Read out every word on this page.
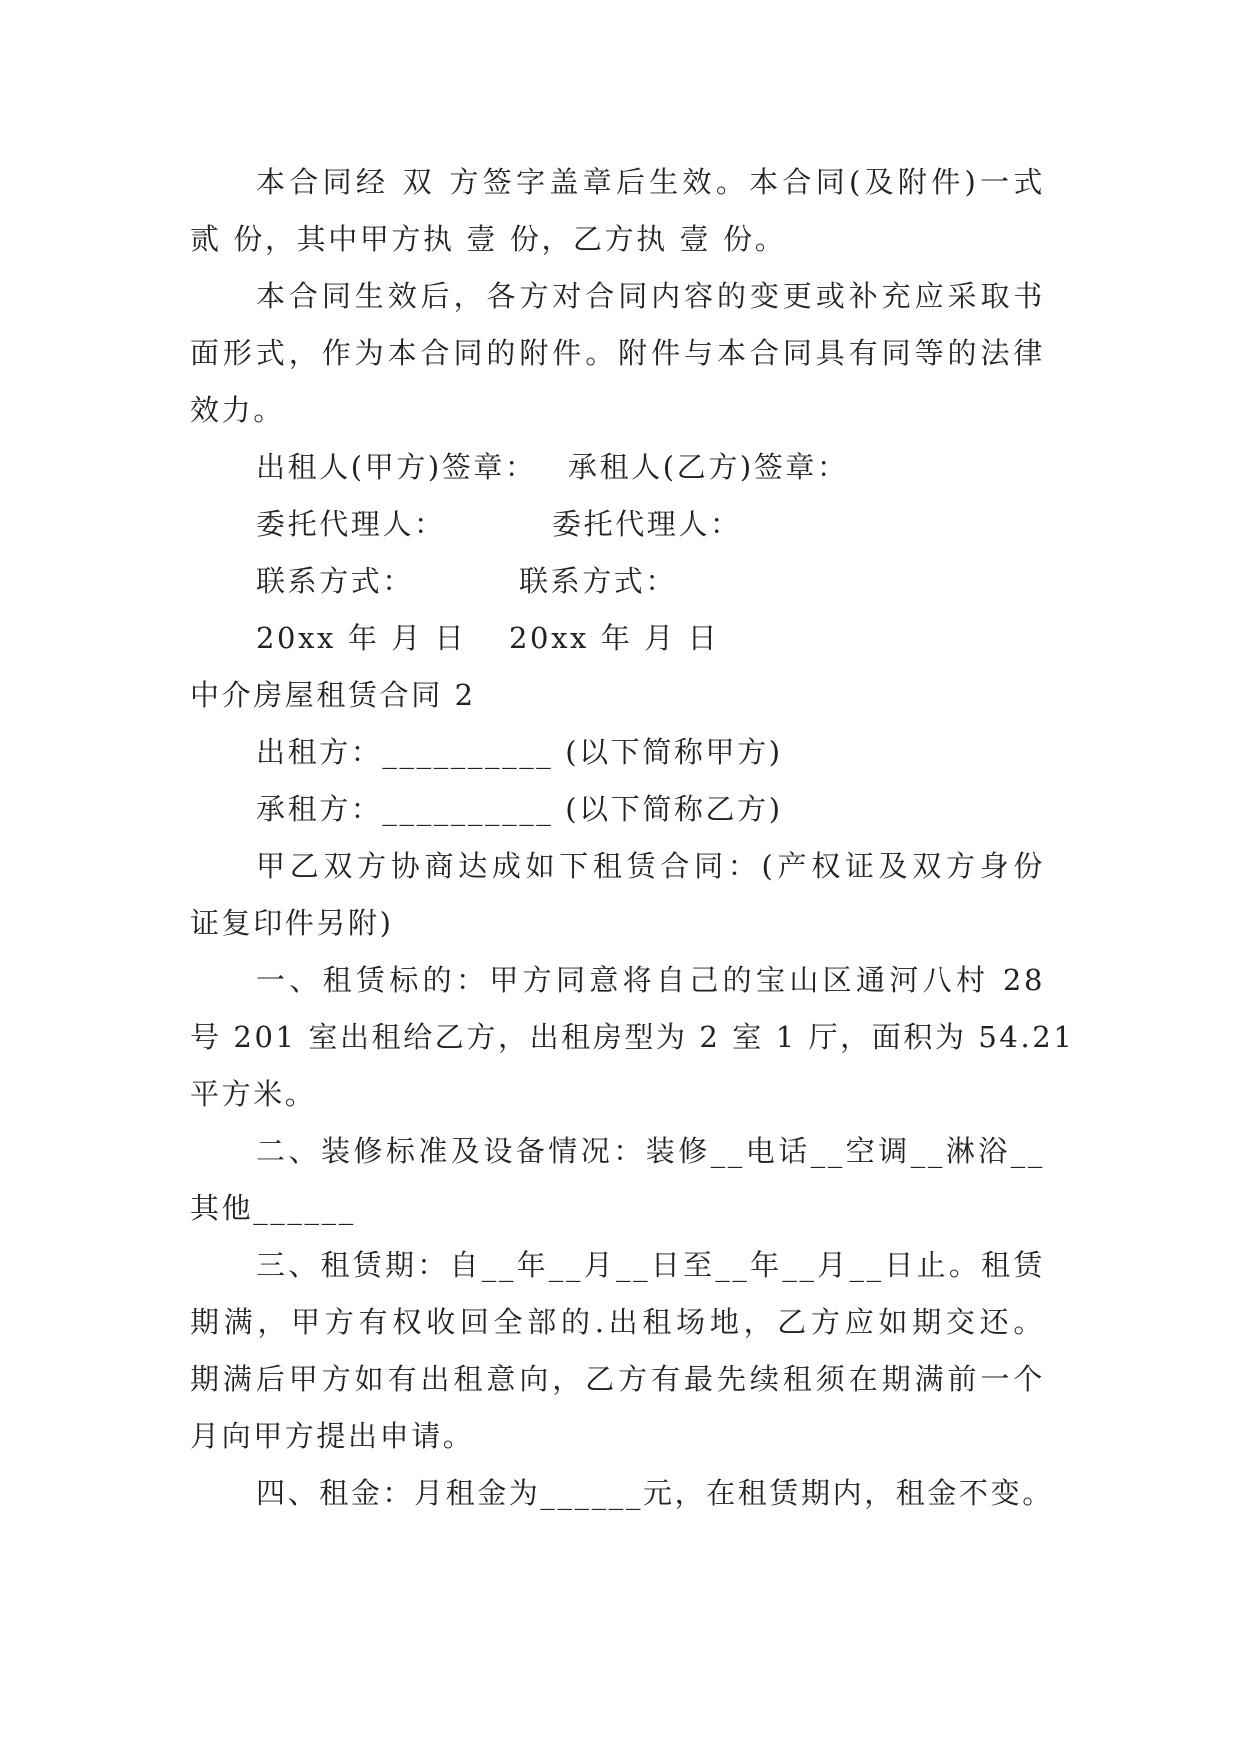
本合同经 双 方签字盖章后生效。本合同(及附件)一式
贰 份，其中甲方执 壹 份，乙方执 壹 份。
本合同生效后，各方对合同内容的变更或补充应采取书
面形式，作为本合同的附件。附件与本合同具有同等的法律
效力。
出租人(甲方)签章： 承租人(乙方)签章：
委托代理人：	委托代理人：
联系方式：	联系方式：
20xx 年 月 日 20xx 年 月 日
中介房屋租赁合同 2
出租方：__________ (以下简称甲方)
承租方：__________ (以下简称乙方)
甲乙双方协商达成如下租赁合同：(产权证及双方身份
证复印件另附)
一、租赁标的：甲方同意将自己的宝山区通河八村 28
号 201 室出租给乙方，出租房型为 2 室 1 厅，面积为 54.21
平方米。
二、装修标准及设备情况：装修__电话__空调__淋浴__
其他______
三、租赁期：自__年__月__日至__年__月__日止。租赁
期满，甲方有权收回全部的.出租场地，乙方应如期交还。
期满后甲方如有出租意向，乙方有最先续租须在期满前一个
月向甲方提出申请。
四、租金：月租金为______元，在租赁期内，租金不变。
